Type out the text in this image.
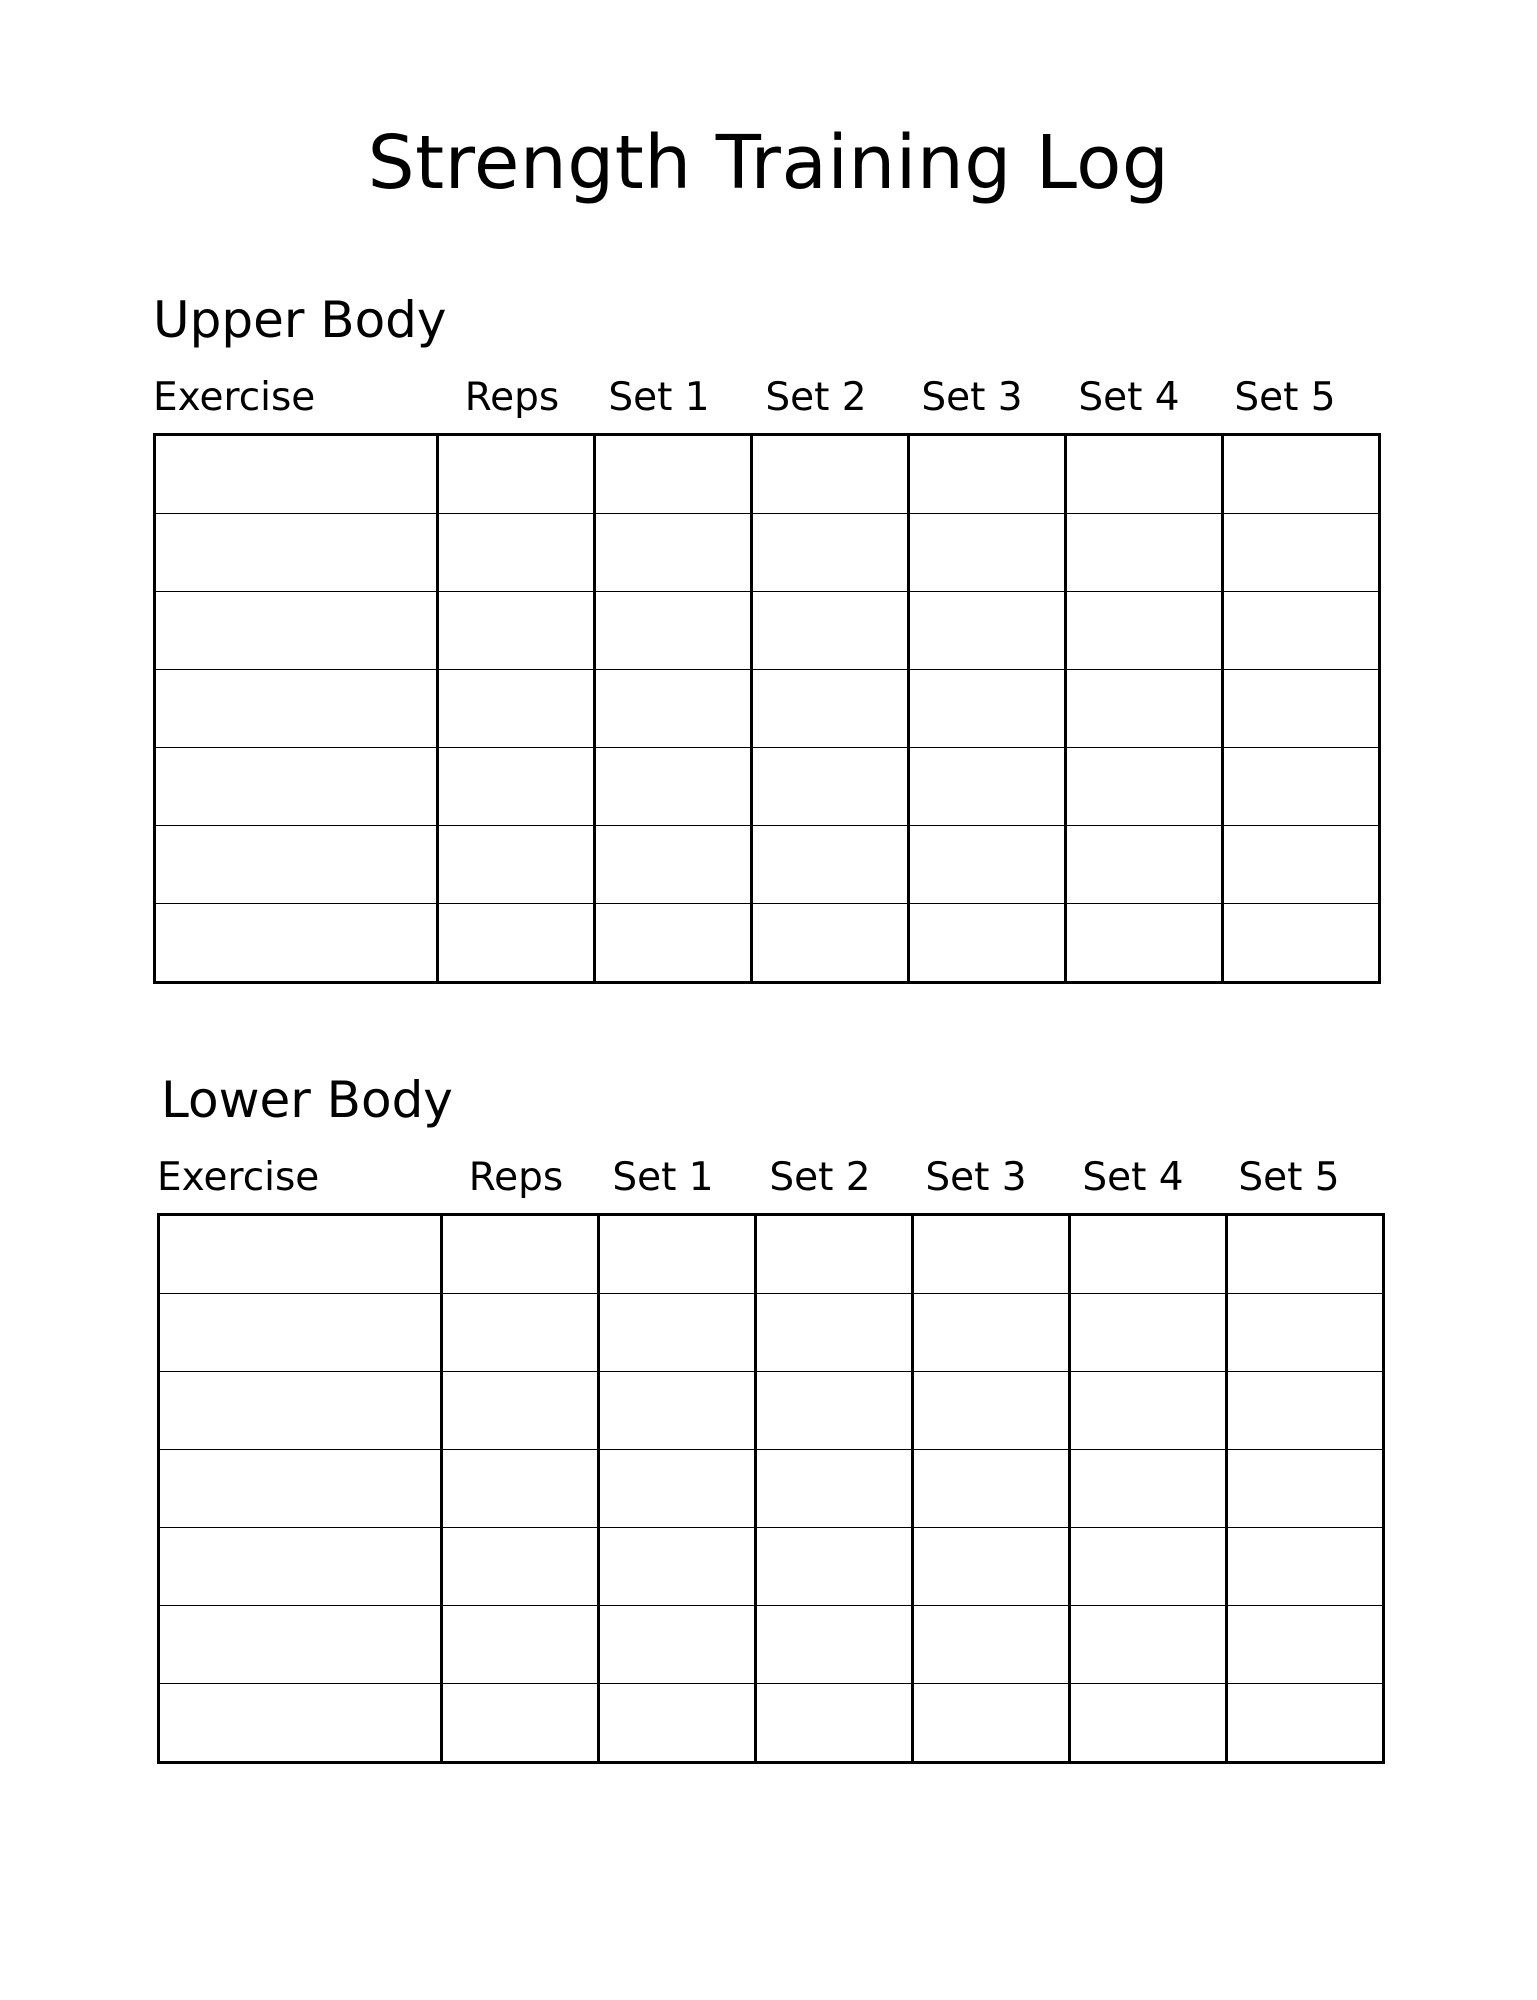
Strength Training Log
Upper Body
Exercise	Reps	Set 1	Set 2	Set 3	Set 4	Set 5

Lower Body
Exercise	Reps	Set 1	Set 2	Set 3	Set 4	Set 5
